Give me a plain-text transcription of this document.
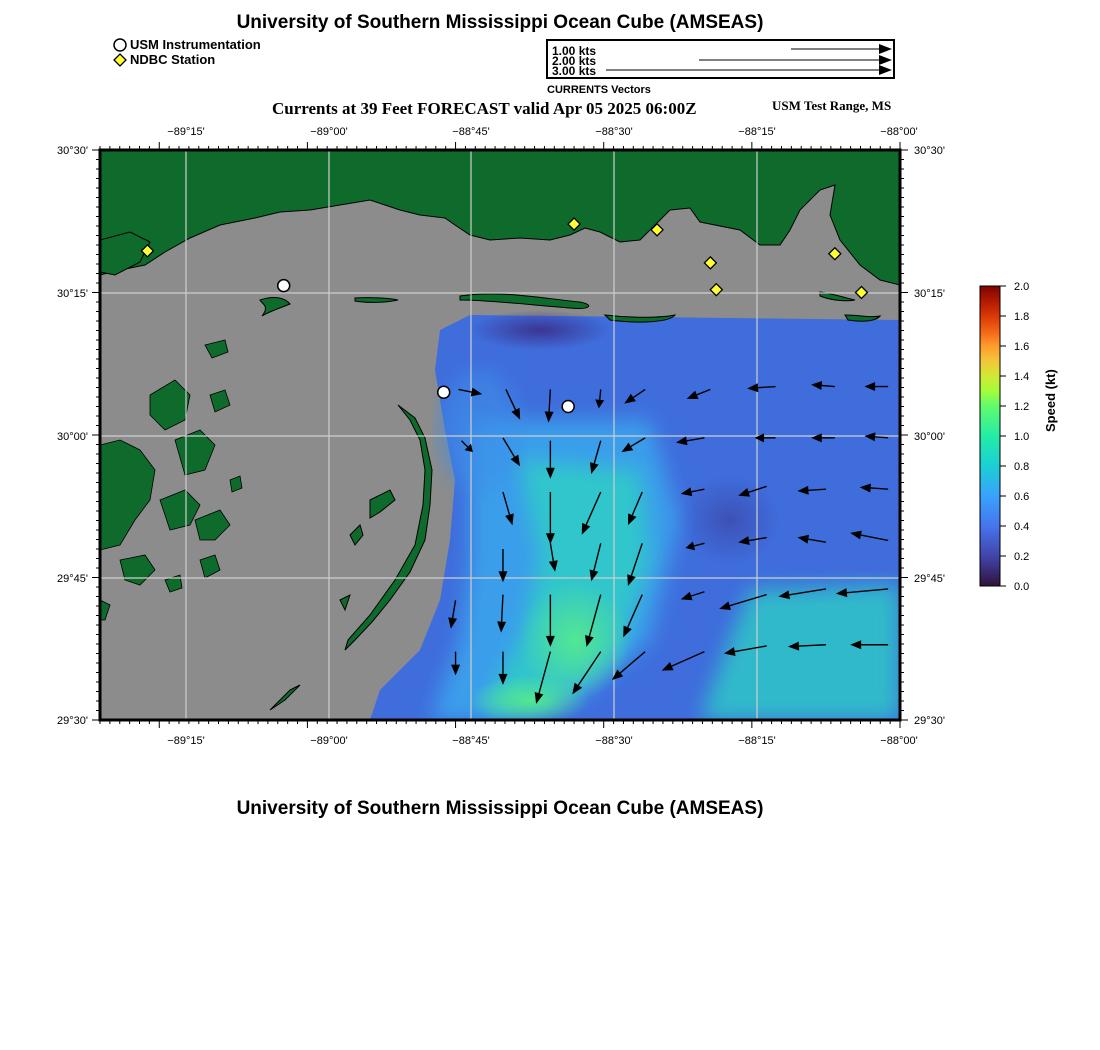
University of Southern Mississippi Ocean Cube (AMSEAS)
USM Instrumentation
NDBC Station
1.00 kts
2.00 kts
3.00 kts
CURRENTS Vectors
Currents at 39 Feet FORECAST valid Apr 05 2025 06:00Z	USM Test Range, MS
−89°15'	−89°00'	−88°45'	−88°30'	−88°15'	−88°00'
−89°15'	−89°00'	−88°45'	−88°30'	−88°15'	−88°00'
30°30'
30°15'
30°00'
29°45'
29°30'
30°30'
30°15'
30°00'
29°45'
29°30'
2.0
1.8
1.6
1.4
1.2
1.0
0.8
0.6
0.4
0.2
0.0
Speed (kt)
University of Southern Mississippi Ocean Cube (AMSEAS)
